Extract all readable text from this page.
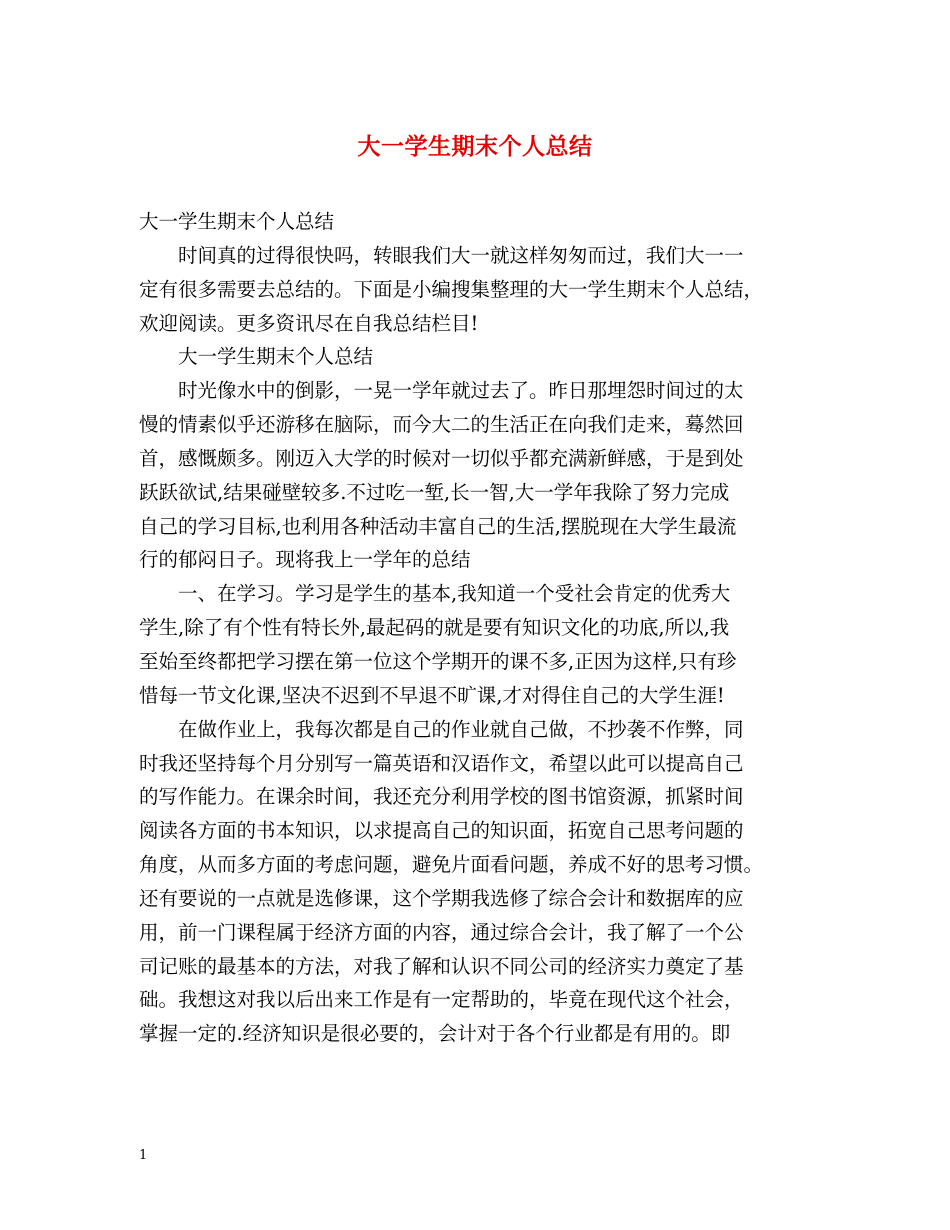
大一学生期末个人总结
大一学生期末个人总结
　　时间真的过得很快吗，转眼我们大一就这样匆匆而过，我们大一一
定有很多需要去总结的。下面是小编搜集整理的大一学生期末个人总结，
欢迎阅读。更多资讯尽在自我总结栏目!
　　大一学生期末个人总结
　　时光像水中的倒影，一晃一学年就过去了。昨日那埋怨时间过的太
慢的情素似乎还游移在脑际，而今大二的生活正在向我们走来，蓦然回
首，感慨颇多。刚迈入大学的时候对一切似乎都充满新鲜感，于是到处
跃跃欲试,结果碰壁较多.不过吃一堑,长一智,大一学年我除了努力完成
自己的学习目标,也利用各种活动丰富自己的生活,摆脱现在大学生最流
行的郁闷日子。现将我上一学年的总结
　　一、在学习。学习是学生的基本,我知道一个受社会肯定的优秀大
学生,除了有个性有特长外,最起码的就是要有知识文化的功底,所以,我
至始至终都把学习摆在第一位这个学期开的课不多,正因为这样,只有珍
惜每一节文化课,坚决不迟到不早退不旷课,才对得住自己的大学生涯!
　　在做作业上，我每次都是自己的作业就自己做，不抄袭不作弊，同
时我还坚持每个月分别写一篇英语和汉语作文，希望以此可以提高自己
的写作能力。在课余时间，我还充分利用学校的图书馆资源，抓紧时间
阅读各方面的书本知识，以求提高自己的知识面，拓宽自己思考问题的
角度，从而多方面的考虑问题，避免片面看问题，养成不好的思考习惯。
还有要说的一点就是选修课，这个学期我选修了综合会计和数据库的应
用，前一门课程属于经济方面的内容，通过综合会计，我了解了一个公
司记账的最基本的方法，对我了解和认识不同公司的经济实力奠定了基
础。我想这对我以后出来工作是有一定帮助的，毕竟在现代这个社会，
掌握一定的.经济知识是很必要的，会计对于各个行业都是有用的。即
1
